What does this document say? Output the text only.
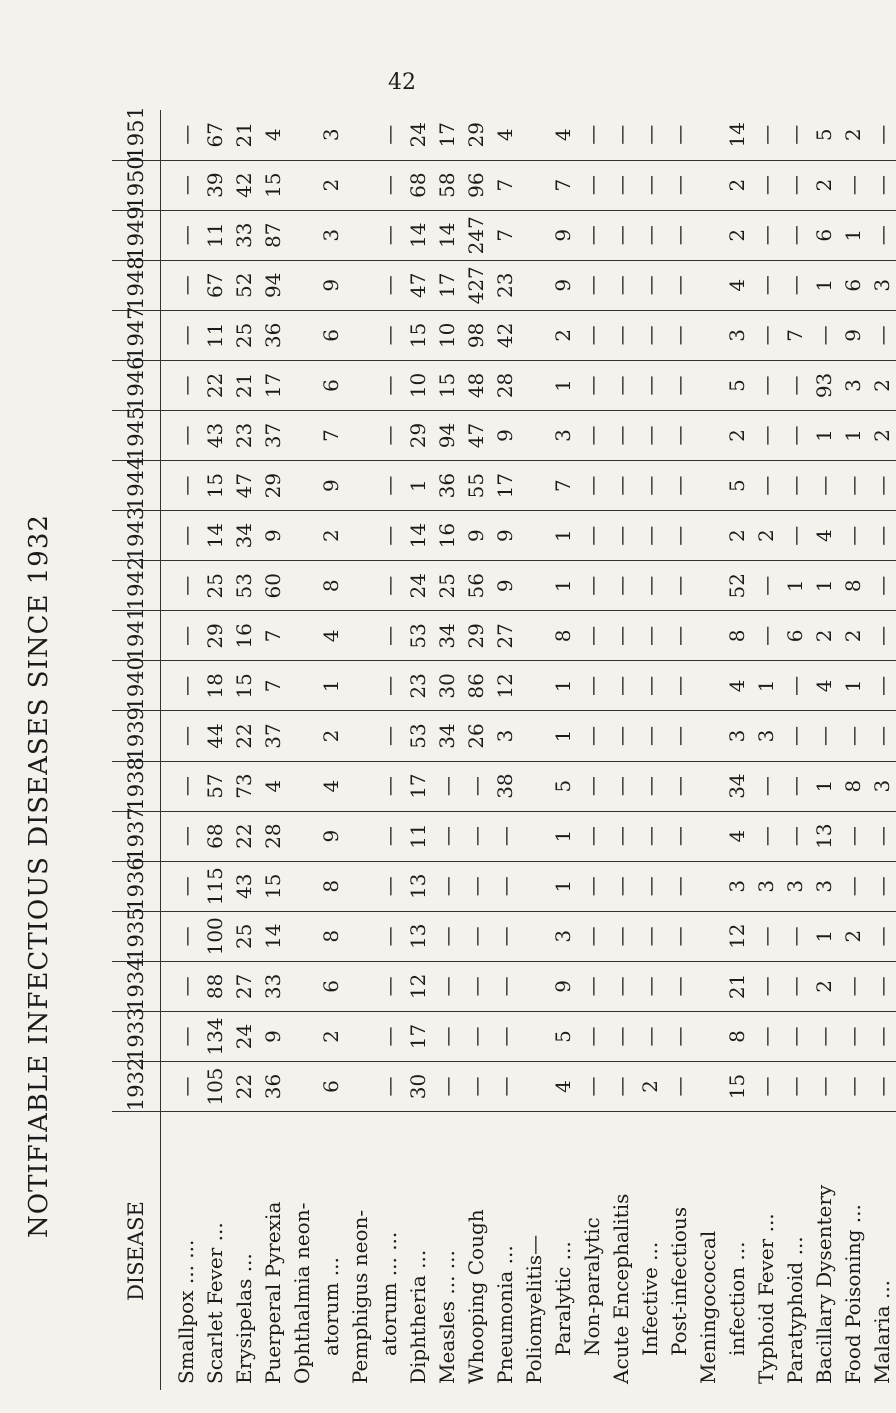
42
NOTIFIABLE INFECTIOUS DISEASES SINCE 1932
DISEASE	1932	1933	1934	1935	1936	1937	1938	1939	1940	1941	1942	1943	1944	1945	1946	1947	1948	1949	1950	1951
Smallpox ... ...	—	—	—	—	—	—	—	—	—	—	—	—	—	—	—	—	—	—	—	—
Scarlet Fever ...	105	134	88	100	115	68	57	44	18	29	25	14	15	43	22	11	67	11	39	67
Erysipelas ...	22	24	27	25	43	22	73	22	15	16	53	34	47	23	21	25	52	33	42	21
Puerperal Pyrexia	36	9	33	14	15	28	4	37	7	7	60	9	29	37	17	36	94	87	15	4
Ophthalmia neon-																				
atorum ...	6	2	6	8	8	9	4	2	1	4	8	2	9	7	6	6	9	3	2	3
Pemphigus neon-																				
atorum ... ...	—	—	—	—	—	—	—	—	—	—	—	—	—	—	—	—	—	—	—	—
Diphtheria ...	30	17	12	13	13	11	17	53	23	53	24	14	1	29	10	15	47	14	68	24
Measles ... ...	—	—	—	—	—	—	—	34	30	34	25	16	36	94	15	10	17	14	58	17
Whooping Cough	—	—	—	—	—	—	—	26	86	29	56	9	55	47	48	98	427	247	96	29
Pneumonia ...	—	—	—	—	—	—	38	3	12	27	9	9	17	9	28	42	23	7	7	4
Poliomyelitis—																				
Paralytic ...	4	5	9	3	1	1	5	1	1	8	1	1	7	3	1	2	9	9	7	4
Non-paralytic	—	—	—	—	—	—	—	—	—	—	—	—	—	—	—	—	—	—	—	—
Acute Encephalitis	—	—	—	—	—	—	—	—	—	—	—	—	—	—	—	—	—	—	—	—
Infective ...	2	—	—	—	—	—	—	—	—	—	—	—	—	—	—	—	—	—	—	—
Post-infectious	—	—	—	—	—	—	—	—	—	—	—	—	—	—	—	—	—	—	—	—
Meningococcal																				
infection ...	15	8	21	12	3	4	34	3	4	8	52	2	5	2	5	3	4	2	2	14
Typhoid Fever ...	—	—	—	—	3	—	—	3	1	—	—	2	—	—	—	—	—	—	—	—
Paratyphoid ...	—	—	—	—	3	—	—	—	—	6	1	—	—	—	—	7	—	—	—	—
Bacillary Dysentery	—	—	2	1	3	13	1	—	4	2	1	4	—	1	93	—	1	6	2	5
Food Poisoning ...	—	—	—	2	—	—	8	—	1	2	8	—	—	1	3	9	6	1	—	2
Malaria ...	—	—	—	—	—	—	3	—	—	—	—	—	—	2	2	—	3	—	—	—
